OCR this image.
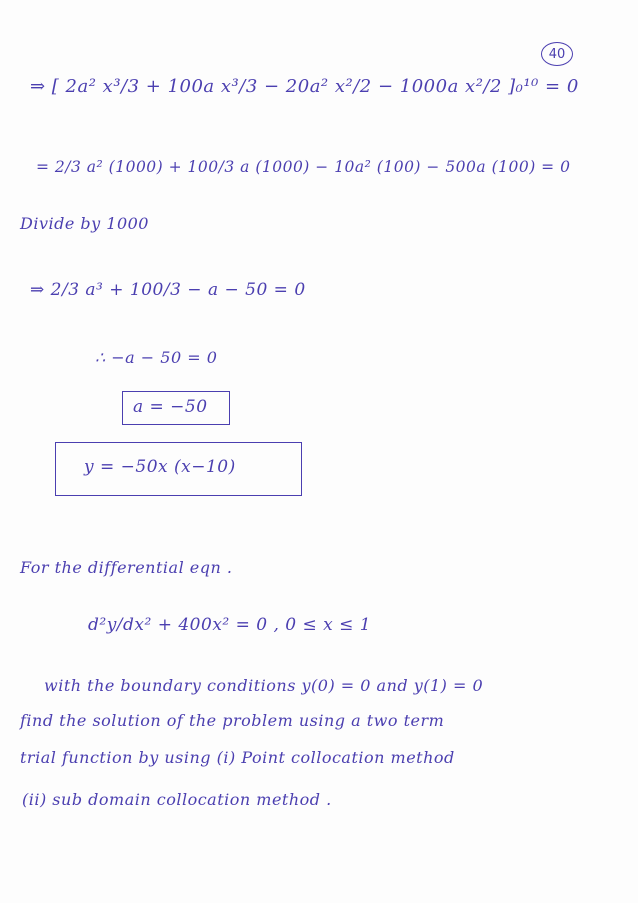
40
⇒ [ 2a² x³/3 + 100a x³/3 − 20a² x²/2 − 1000a x²/2 ]₀¹⁰ = 0
= 2/3 a² (1000) + 100/3 a (1000) − 10a² (100) − 500a (100) = 0
Divide by 1000
⇒ 2/3 a³ + 100/3 − a − 50 = 0
∴ −a − 50 = 0
a = −50
y = −50x (x−10)
For the differential eqn .
d²y/dx² + 400x² = 0 , 0 ≤ x ≤ 1
with the boundary conditions y(0) = 0 and y(1) = 0
find the solution of the problem using a two term
trial function by using (i) Point collocation method
(ii) sub domain collocation method .
